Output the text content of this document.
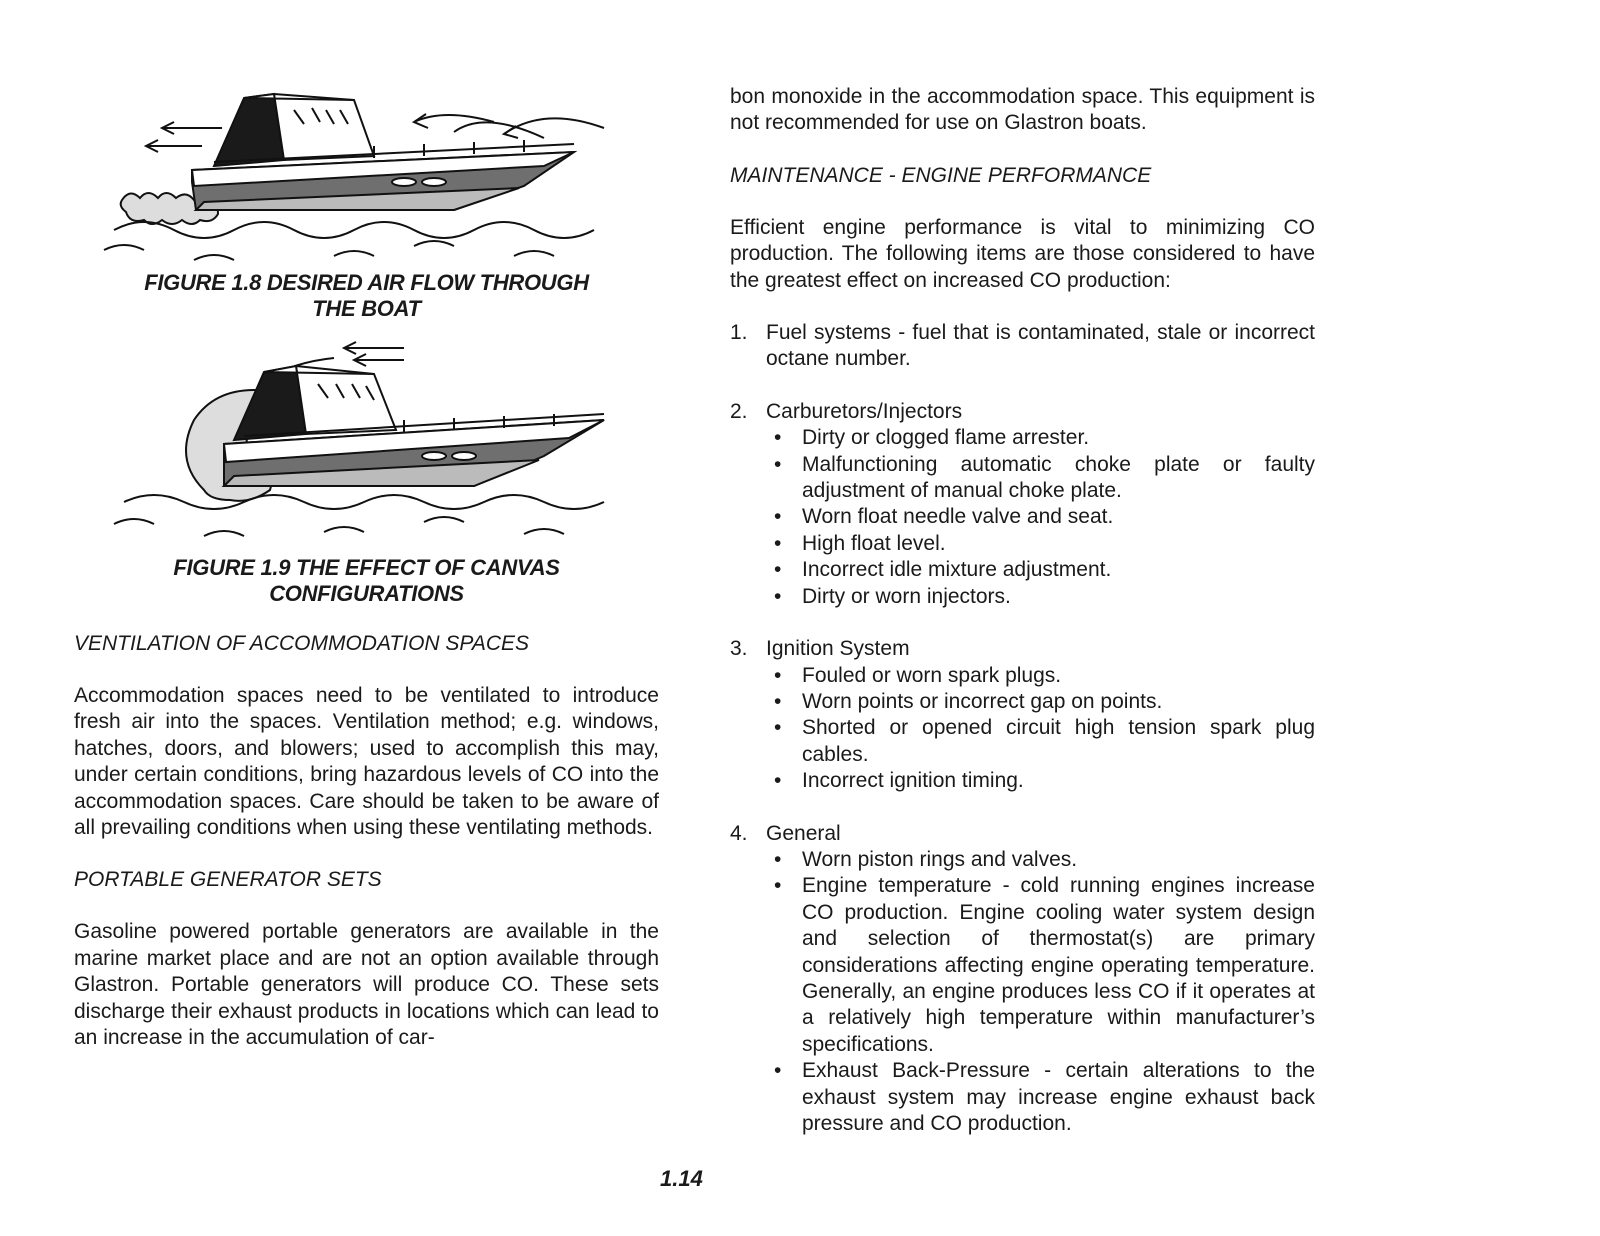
FIGURE 1.8 DESIRED AIR FLOW THROUGH
THE BOAT
FIGURE 1.9 THE EFFECT OF CANVAS
CONFIGURATIONS

VENTILATION OF ACCOMMODATION SPACES

Accommodation spaces need to be ventilated to introduce fresh air into the spaces. Ventilation method; e.g. windows, hatches, doors, and blowers; used to accomplish this may, under certain conditions, bring hazardous levels of CO into the accommodation spaces. Care should be taken to be aware of all prevailing conditions when using these ventilating methods.

PORTABLE GENERATOR SETS

Gasoline powered portable generators are available in the marine market place and are not an option available through Glastron. Portable generators will produce CO. These sets discharge their exhaust products in locations which can lead to an increase in the accumulation of car-

bon monoxide in the accommodation space. This equipment is not recommended for use on Glastron boats.

MAINTENANCE - ENGINE PERFORMANCE

Efficient engine performance is vital to minimizing CO production. The following items are those considered to have the greatest effect on increased CO production:

1. Fuel systems - fuel that is contaminated, stale or incorrect octane number.
2. Carburetors/Injectors
• Dirty or clogged flame arrester.
• Malfunctioning automatic choke plate or faulty adjustment of manual choke plate.
• Worn float needle valve and seat.
• High float level.
• Incorrect idle mixture adjustment.
• Dirty or worn injectors.
3. Ignition System
• Fouled or worn spark plugs.
• Worn points or incorrect gap on points.
• Shorted or opened circuit high tension spark plug cables.
• Incorrect ignition timing.
4. General
• Worn piston rings and valves.
• Engine temperature - cold running engines increase CO production. Engine cooling water system design and selection of thermostat(s) are primary considerations affecting engine operating temperature. Generally, an engine produces less CO if it operates at a relatively high temperature within manufacturer’s specifications.
• Exhaust Back-Pressure - certain alterations to the exhaust system may increase engine exhaust back pressure and CO production.
1.14
